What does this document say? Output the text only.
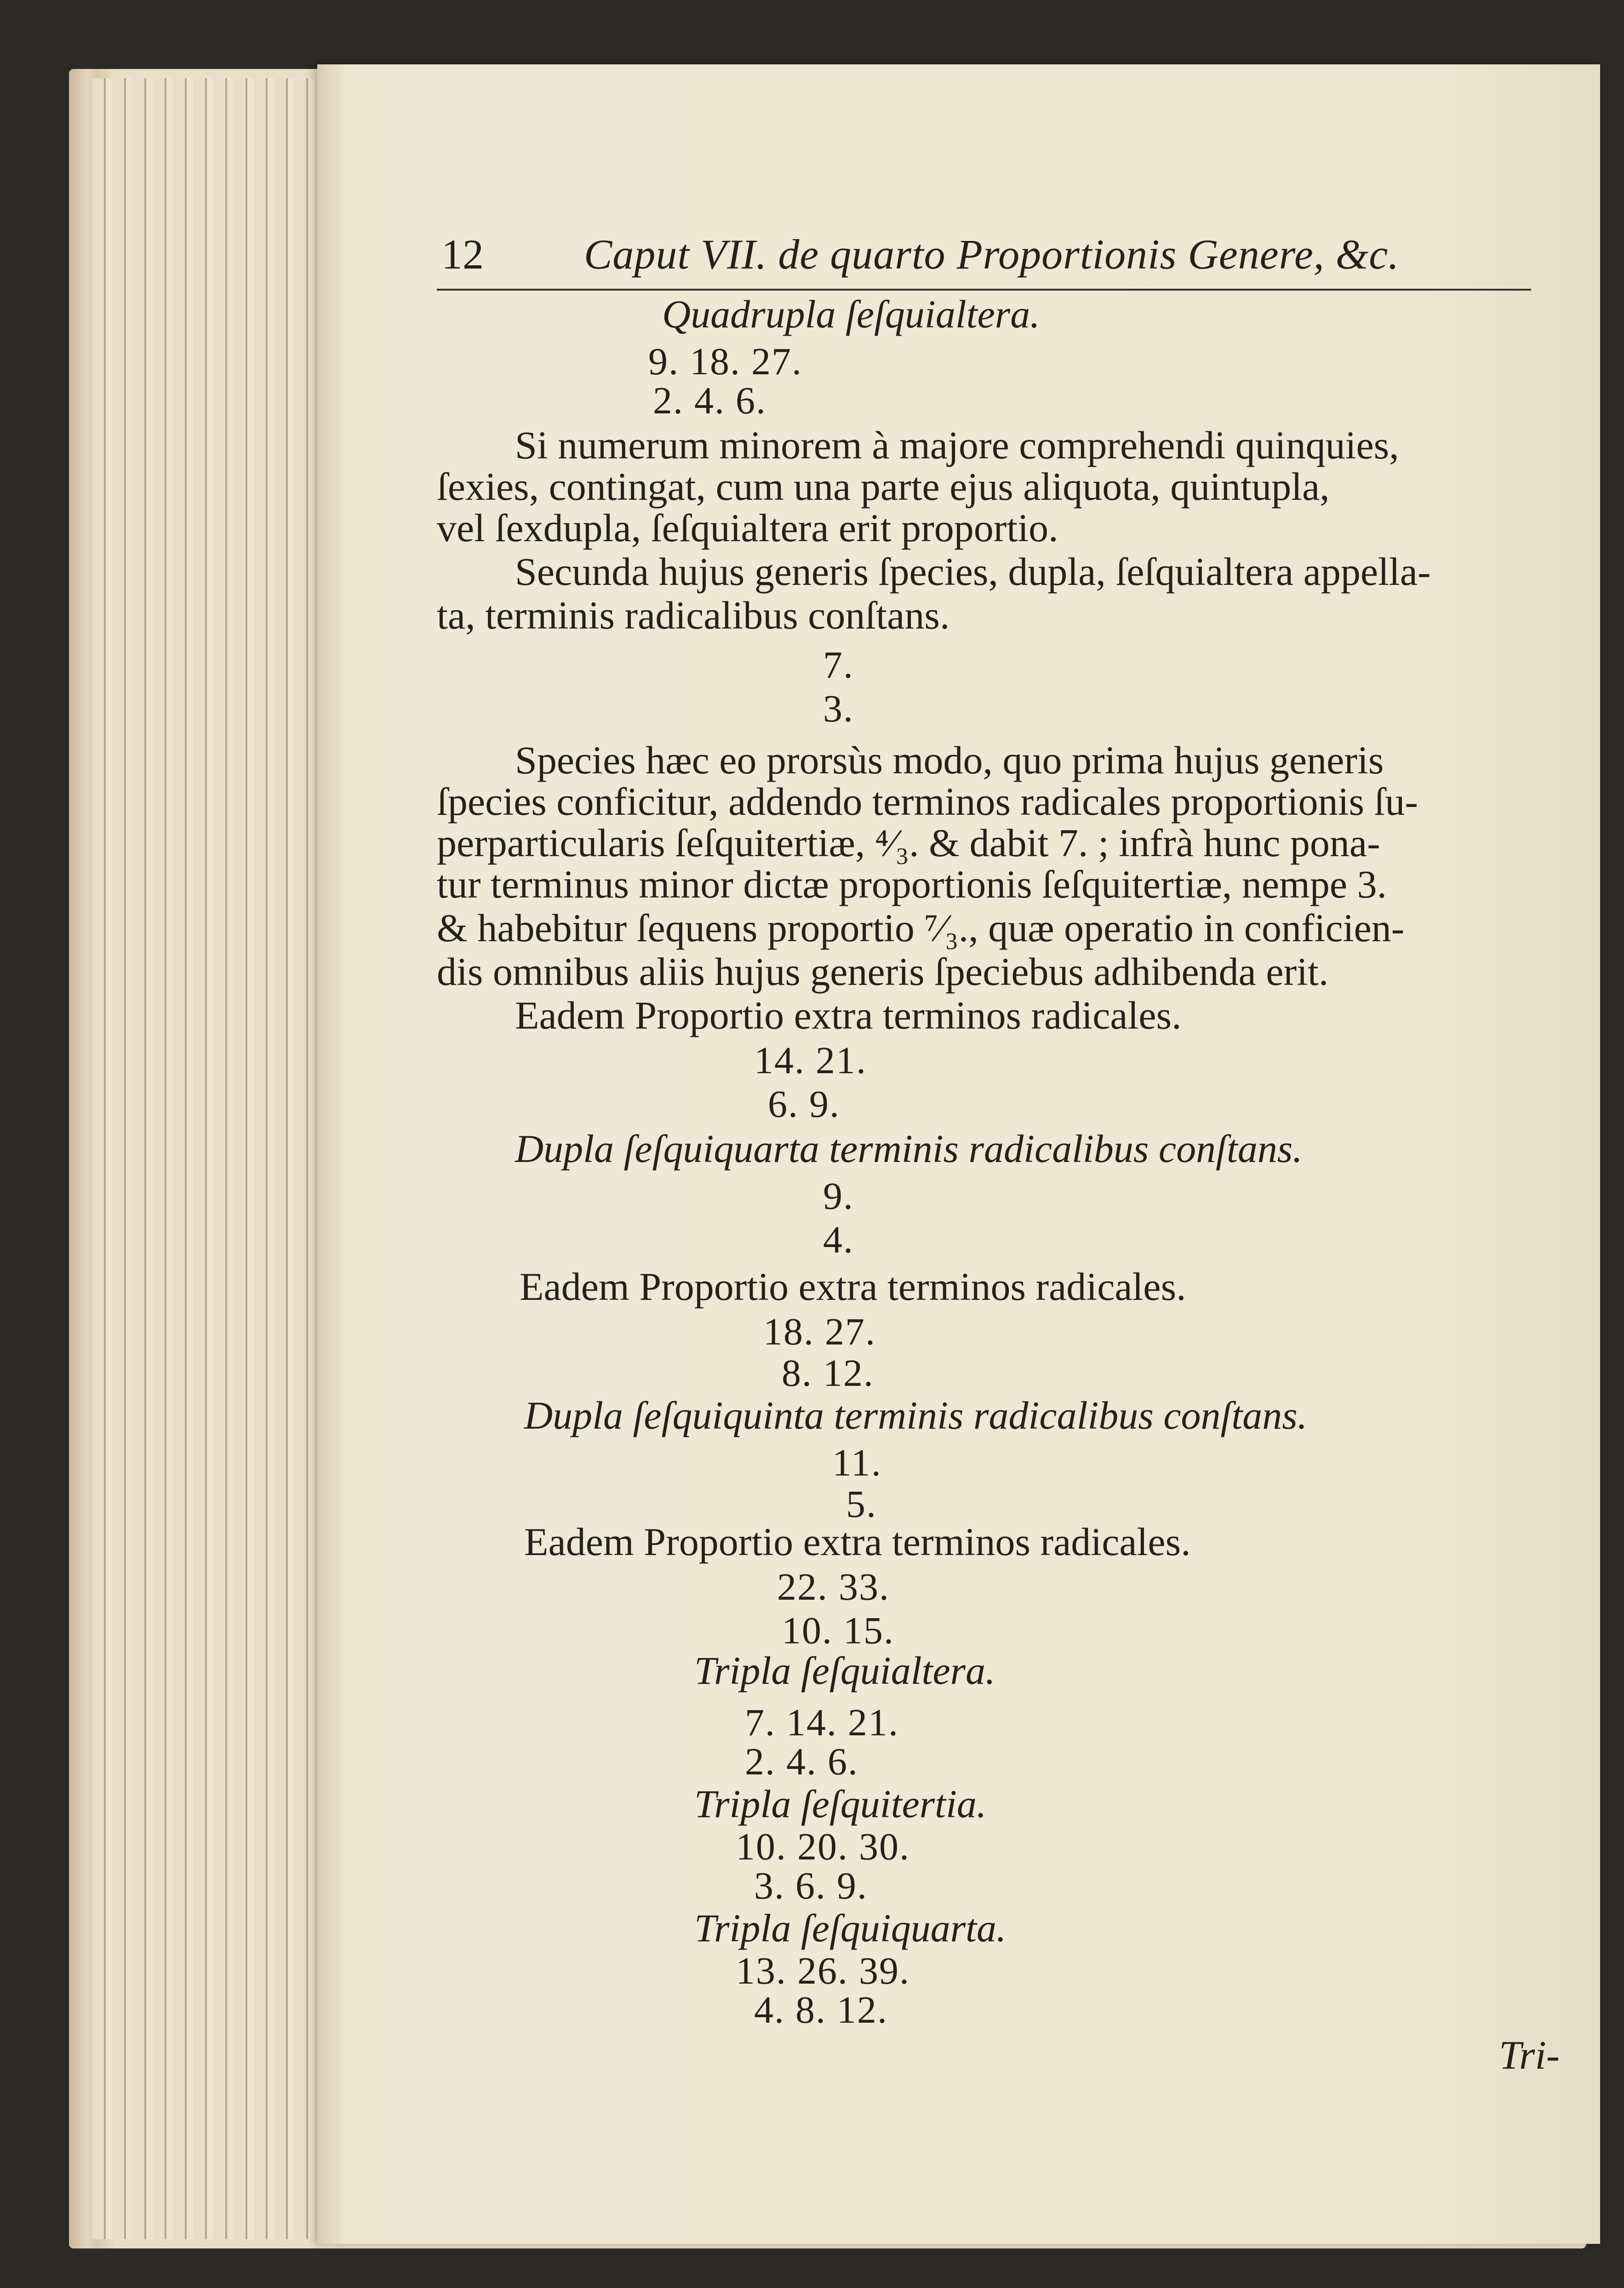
12 Caput VII. de quarto Proportionis Genere, &c.
Quadrupla ſeſquialtera.
9. 18. 27.
2. 4. 6.
Si numerum minorem à majore comprehendi quinquies,
ſexies, contingat, cum una parte ejus aliquota, quintupla,
vel ſexdupla, ſeſquialtera erit proportio.
Secunda hujus generis ſpecies, dupla, ſeſquialtera appella-
ta, terminis radicalibus conſtans.
7.
3.
Species hæc eo prorsùs modo, quo prima hujus generis
ſpecies conficitur, addendo terminos radicales proportionis ſu-
perparticularis ſeſquitertiæ, ⁴⁄₃. & dabit 7. ; infrà hunc pona-
tur terminus minor dictæ proportionis ſeſquitertiæ, nempe 3.
& habebitur ſequens proportio ⁷⁄₃., quæ operatio in conficien-
dis omnibus aliis hujus generis ſpeciebus adhibenda erit.
Eadem Proportio extra terminos radicales.
14. 21.
6. 9.
Dupla ſeſquiquarta terminis radicalibus conſtans.
9.
4.
Eadem Proportio extra terminos radicales.
18. 27.
8. 12.
Dupla ſeſquiquinta terminis radicalibus conſtans.
11.
5.
Eadem Proportio extra terminos radicales.
22. 33.
10. 15.
Tripla ſeſquialtera.
7. 14. 21.
2. 4. 6.
Tripla ſeſquitertia.
10. 20. 30.
3. 6. 9.
Tripla ſeſquiquarta.
13. 26. 39.
4. 8. 12.
Tri-
